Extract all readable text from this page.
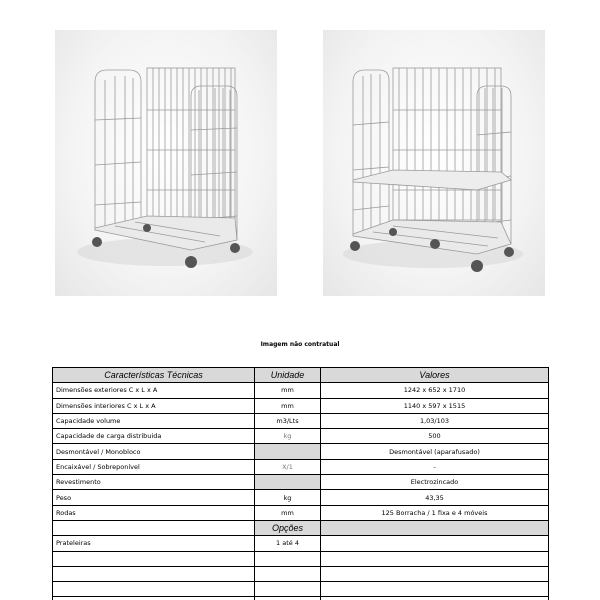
Imagem não contratual
Características Técnicas	Unidade	Valores
Dimensões exteriores C x L x A	mm	1242 x 652 x 1710
Dimensões interiores C x L x A	mm	1140 x 597 x 1515
Capacidade volume	m3/Lts	1,03/103
Capacidade de carga distribuida	kg	500
Desmontável / Monobloco		Desmontável (aparafusado)
Encaixável / Sobreponível	X/1	-
Revestimento		Electrozincado
Peso	kg	43,35
Rodas	mm	125 Borracha / 1 fixa e 4 móveis
	Opções	
Prateleiras	1 até 4	
